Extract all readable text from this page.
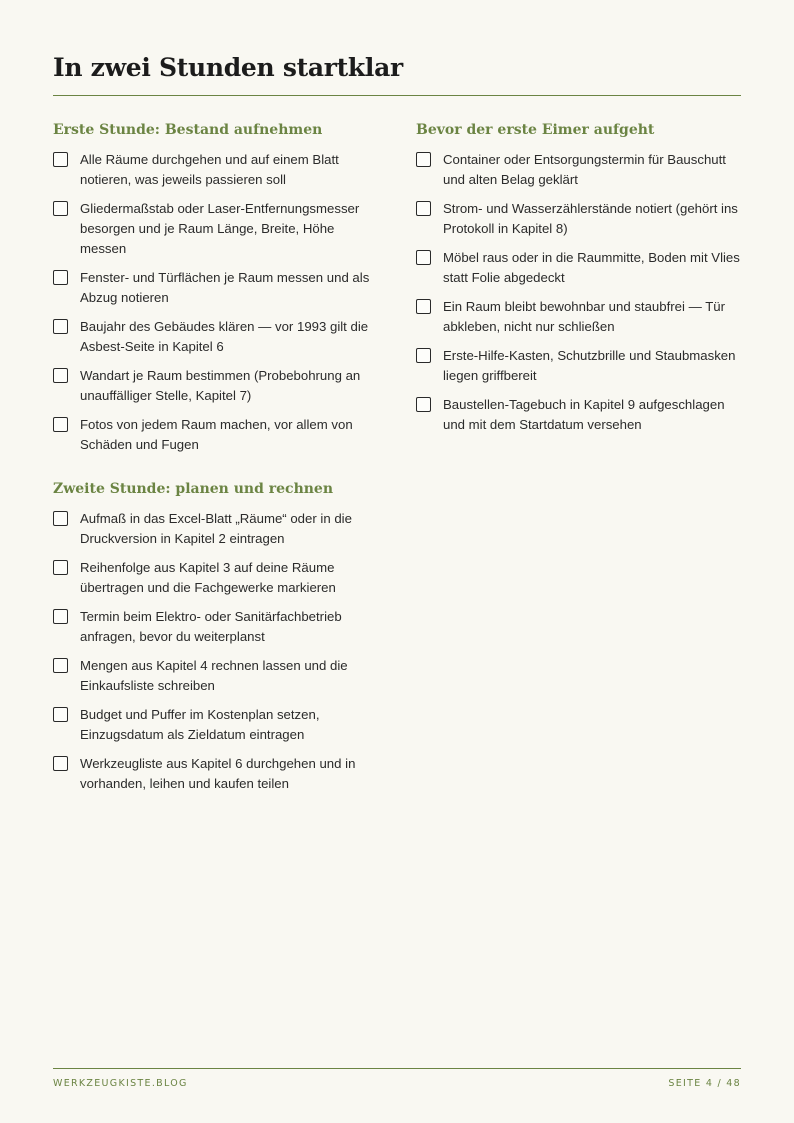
In zwei Stunden startklar
Erste Stunde: Bestand aufnehmen
Alle Räume durchgehen und auf einem Blatt notieren, was jeweils passieren soll
Gliedermaßstab oder Laser-Entfernungsmesser besorgen und je Raum Länge, Breite, Höhe messen
Fenster- und Türflächen je Raum messen und als Abzug notieren
Baujahr des Gebäudes klären — vor 1993 gilt die Asbest-Seite in Kapitel 6
Wandart je Raum bestimmen (Probebohrung an unauffälliger Stelle, Kapitel 7)
Fotos von jedem Raum machen, vor allem von Schäden und Fugen
Zweite Stunde: planen und rechnen
Aufmaß in das Excel-Blatt „Räume“ oder in die Druckversion in Kapitel 2 eintragen
Reihenfolge aus Kapitel 3 auf deine Räume übertragen und die Fachgewerke markieren
Termin beim Elektro- oder Sanitärfachbetrieb anfragen, bevor du weiterplanst
Mengen aus Kapitel 4 rechnen lassen und die Einkaufsliste schreiben
Budget und Puffer im Kostenplan setzen, Einzugsdatum als Zieldatum eintragen
Werkzeugliste aus Kapitel 6 durchgehen und in vorhanden, leihen und kaufen teilen
Bevor der erste Eimer aufgeht
Container oder Entsorgungstermin für Bauschutt und alten Belag geklärt
Strom- und Wasserzählerstände notiert (gehört ins Protokoll in Kapitel 8)
Möbel raus oder in die Raummitte, Boden mit Vlies statt Folie abgedeckt
Ein Raum bleibt bewohnbar und staubfrei — Tür abkleben, nicht nur schließen
Erste-Hilfe-Kasten, Schutzbrille und Staubmasken liegen griffbereit
Baustellen-Tagebuch in Kapitel 9 aufgeschlagen und mit dem Startdatum versehen
WERKZEUGKISTE.BLOG	SEITE 4 / 48
